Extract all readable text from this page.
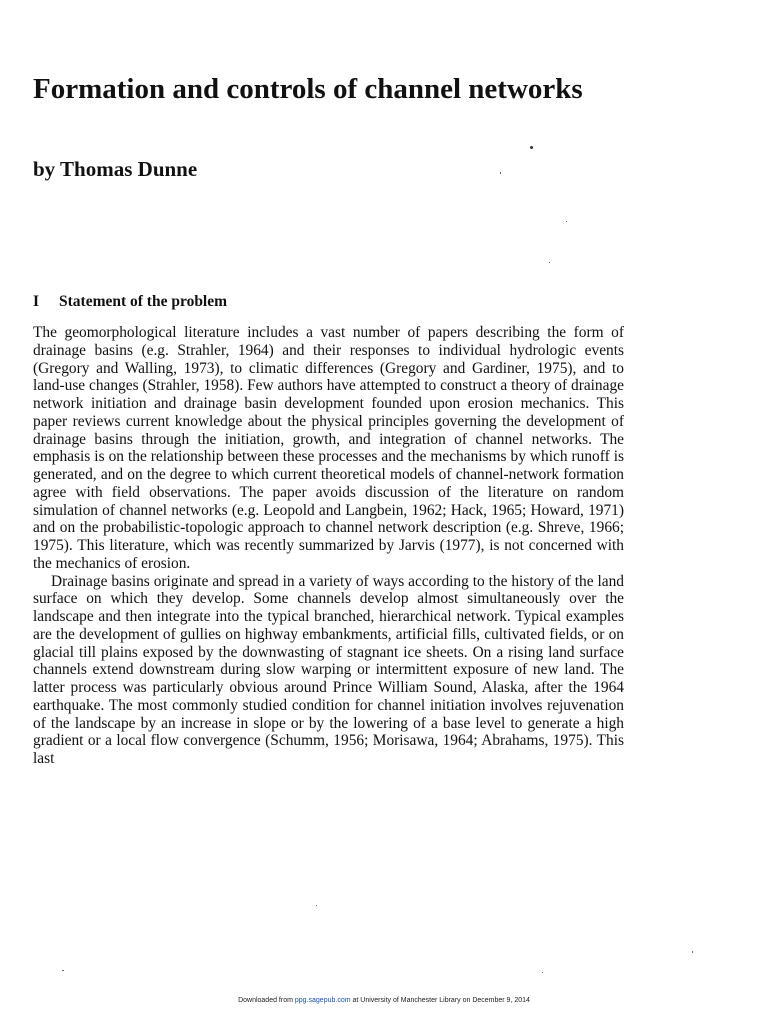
Formation and controls of channel networks
by Thomas Dunne
I Statement of the problem

The geomorphological literature includes a vast number of papers describing the form of drainage basins (e.g. Strahler, 1964) and their responses to individual hydrologic events (Gregory and Walling, 1973), to climatic differences (Gregory and Gardiner, 1975), and to land-use changes (Strahler, 1958). Few authors have attempted to construct a theory of drainage network initiation and drainage basin development founded upon erosion mechanics. This paper reviews current knowledge about the physical principles governing the development of drainage basins through the initiation, growth, and integration of channel networks. The emphasis is on the relationship between these processes and the mechanisms by which runoff is generated, and on the degree to which current theoretical models of channel-network formation agree with field observations. The paper avoids discussion of the literature on random simulation of channel networks (e.g. Leopold and Langbein, 1962; Hack, 1965; Howard, 1971) and on the probabilistic-topologic approach to channel network description (e.g. Shreve, 1966; 1975). This literature, which was recently summarized by Jarvis (1977), is not concerned with the mechanics of erosion.

Drainage basins originate and spread in a variety of ways according to the history of the land surface on which they develop. Some channels develop almost simultaneously over the landscape and then integrate into the typical branched, hierarchical network. Typical examples are the development of gullies on highway embankments, artificial fills, cultivated fields, or on glacial till plains exposed by the downwasting of stagnant ice sheets. On a rising land surface channels extend downstream during slow warping or intermittent exposure of new land. The latter process was particularly obvious around Prince William Sound, Alaska, after the 1964 earthquake. The most commonly studied condition for channel initiation involves rejuvenation of the landscape by an increase in slope or by the lowering of a base level to generate a high gradient or a local flow convergence (Schumm, 1956; Morisawa, 1964; Abrahams, 1975). This last

Downloaded from ppg.sagepub.com at University of Manchester Library on December 9, 2014
